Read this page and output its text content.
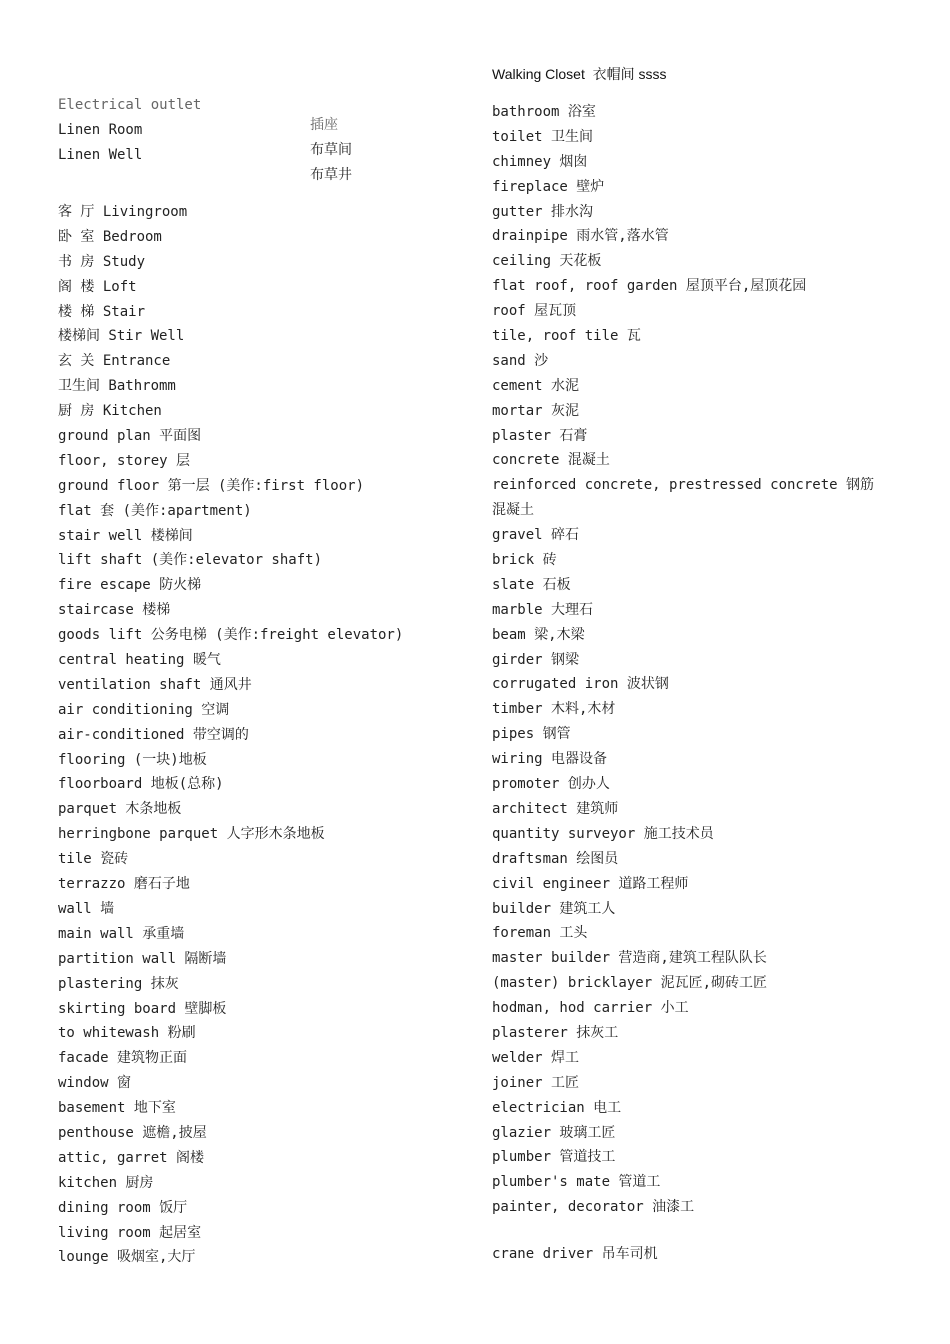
Electrical outlet

插座

Linen Room

布草间

Linen Well

布草井

Walking Closet  衣帽间 ssss
客 厅 Livingroom
卧 室 Bedroom
书 房 Study
阁 楼 Loft
楼 梯 Stair
楼梯间 Stir Well
玄 关 Entrance
卫生间 Bathromm
厨 房 Kitchen
ground plan 平面图
floor, storey 层
ground floor 第一层 (美作:first floor)
flat 套 (美作:apartment)
stair well 楼梯间
lift shaft (美作:elevator shaft)
fire escape 防火梯
staircase 楼梯
goods lift 公务电梯 (美作:freight elevator)
central heating 暖气
ventilation shaft 通风井
air conditioning 空调
air-conditioned 带空调的
flooring (一块)地板
floorboard 地板(总称)
parquet 木条地板
herringbone parquet 人字形木条地板
tile 瓷砖
terrazzo 磨石子地
wall 墙
main wall 承重墙
partition wall 隔断墙
plastering 抹灰
skirting board 壁脚板
to whitewash 粉刷
facade 建筑物正面
window 窗
basement 地下室
penthouse 遮檐,披屋
attic, garret 阁楼
kitchen 厨房
dining room 饭厅
living room 起居室
lounge 吸烟室,大厅
bathroom 浴室
toilet 卫生间
chimney 烟囱
fireplace 壁炉
gutter 排水沟
drainpipe 雨水管,落水管
ceiling 天花板
flat roof, roof garden 屋顶平台,屋顶花园
roof 屋瓦顶
tile, roof tile 瓦
sand 沙
cement 水泥
mortar 灰泥
plaster 石膏
concrete 混凝土
reinforced concrete, prestressed concrete 钢筋
混凝土
gravel 碎石
brick 砖
slate 石板
marble 大理石
beam 梁,木梁
girder 钢梁
corrugated iron 波状钢
timber 木料,木材
pipes 钢管
wiring 电器设备
promoter 创办人
architect 建筑师
quantity surveyor 施工技术员
draftsman 绘图员
civil engineer 道路工程师
builder 建筑工人
foreman 工头
master builder 营造商,建筑工程队队长
(master) bricklayer 泥瓦匠,砌砖工匠
hodman, hod carrier 小工
plasterer 抹灰工
welder 焊工
joiner 工匠
electrician 电工
glazier 玻璃工匠
plumber 管道技工
plumber's mate 管道工
painter, decorator 油漆工
crane driver 吊车司机
